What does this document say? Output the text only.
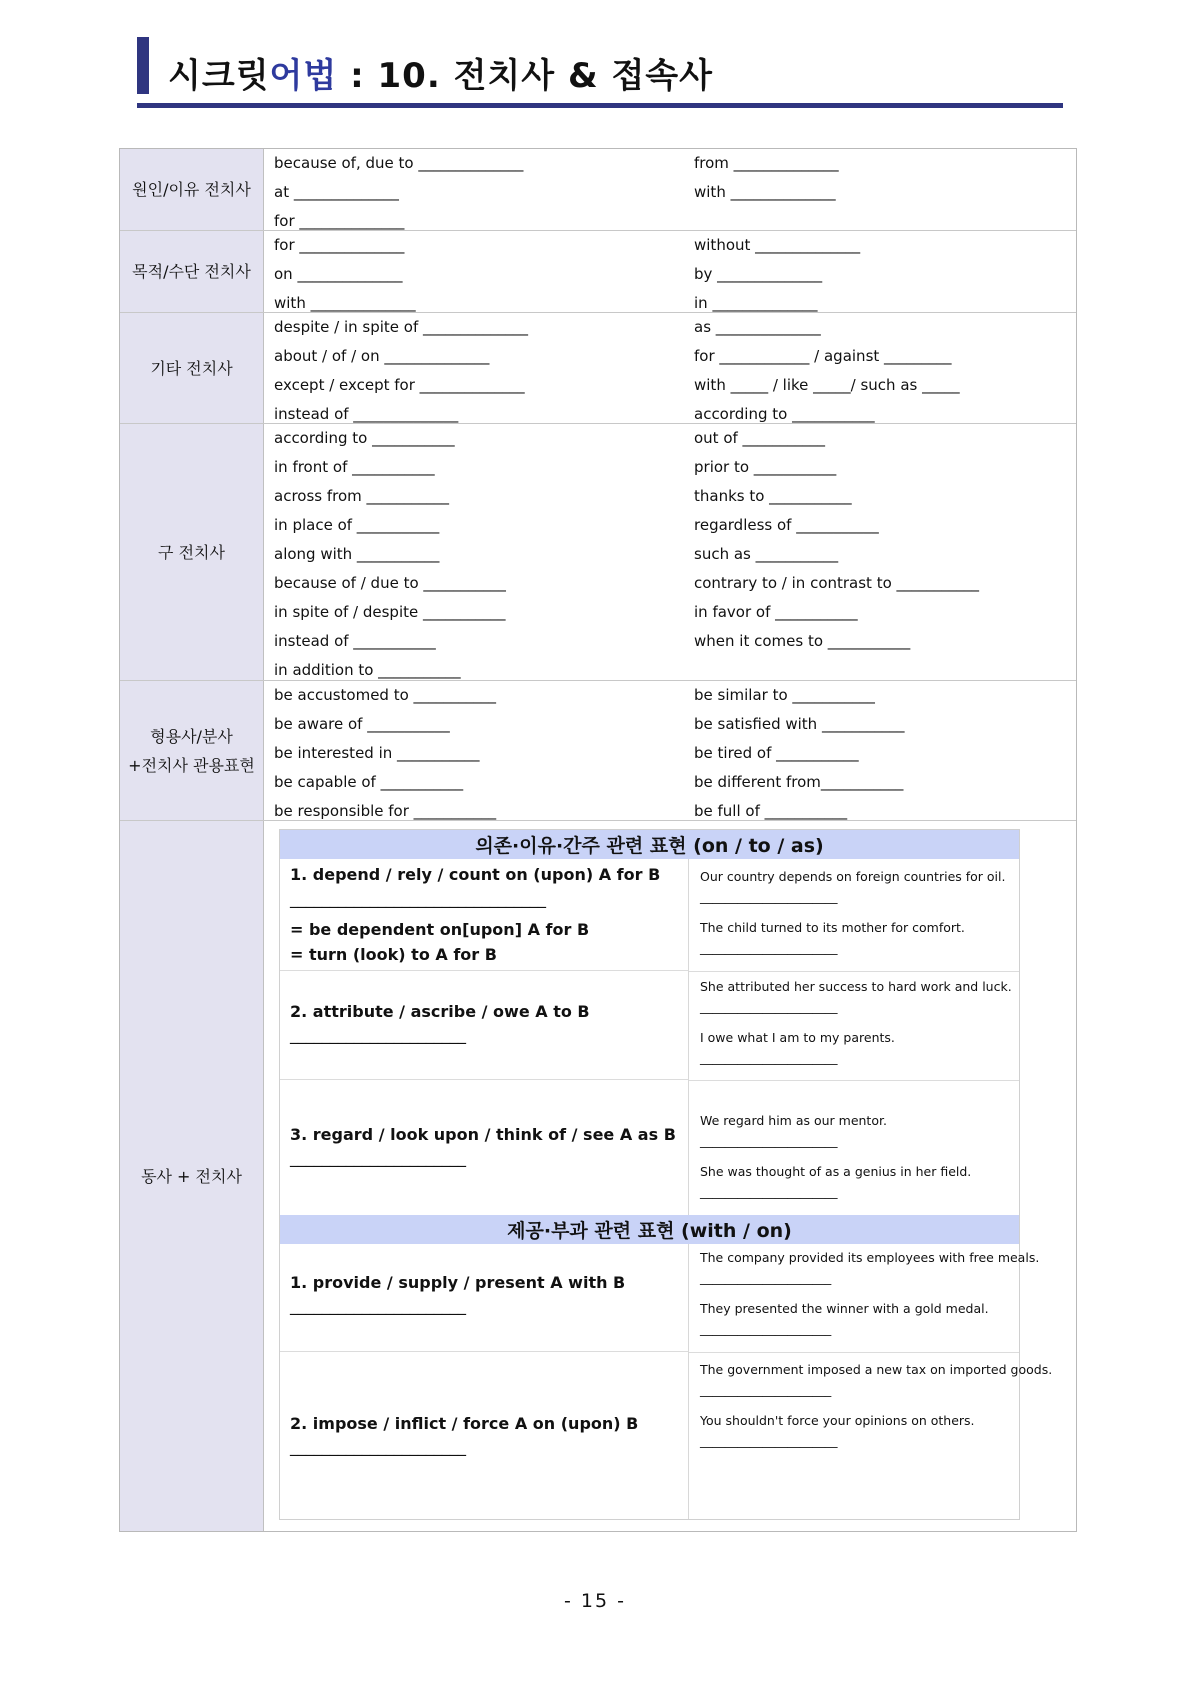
시크릿어법 : 10. 전치사 & 접속사
원인/이유 전치사
because of, due to ______________
at ______________
for ______________
from ______________
with ______________
목적/수단 전치사
for ______________
on ______________
with ______________
without ______________
by ______________
in ______________
기타 전치사
despite / in spite of ______________
about / of / on ______________
except / except for ______________
instead of ______________
as ______________
for ____________ / against _________
with _____ / like _____/ such as _____
according to ___________
구 전치사
according to ___________
in front of ___________
across from ___________
in place of ___________
along with ___________
because of / due to ___________
in spite of / despite ___________
instead of ___________
in addition to ___________
out of ___________
prior to ___________
thanks to ___________
regardless of ___________
such as ___________
contrary to / in contrast to ___________
in favor of ___________
when it comes to ___________
형용사/분사
+전치사 관용표현
be accustomed to ___________
be aware of ___________
be interested in ___________
be capable of ___________
be responsible for ___________
be similar to ___________
be satisfied with ___________
be tired of ___________
be different from___________
be full of ___________
동사 + 전치사
의존·이유·간주 관련 표현 (on / to / as)
1. depend / rely / count on (upon) A for B
________________________________
= be dependent on[upon] A for B
= turn (look) to A for B
Our country depends on foreign countries for oil.
______________________
The child turned to its mother for comfort.
______________________
2. attribute / ascribe / owe A to B
______________________
She attributed her success to hard work and luck.
______________________
I owe what I am to my parents.
______________________
3. regard / look upon / think of / see A as B
______________________
We regard him as our mentor.
______________________
She was thought of as a genius in her field.
______________________
제공·부과 관련 표현 (with / on)
1. provide / supply / present A with B
______________________
The company provided its employees with free meals.
_____________________
They presented the winner with a gold medal.
_____________________
2. impose / inflict / force A on (upon) B
______________________
The government imposed a new tax on imported goods.
_____________________
You shouldn't force your opinions on others.
______________________
- 15 -
